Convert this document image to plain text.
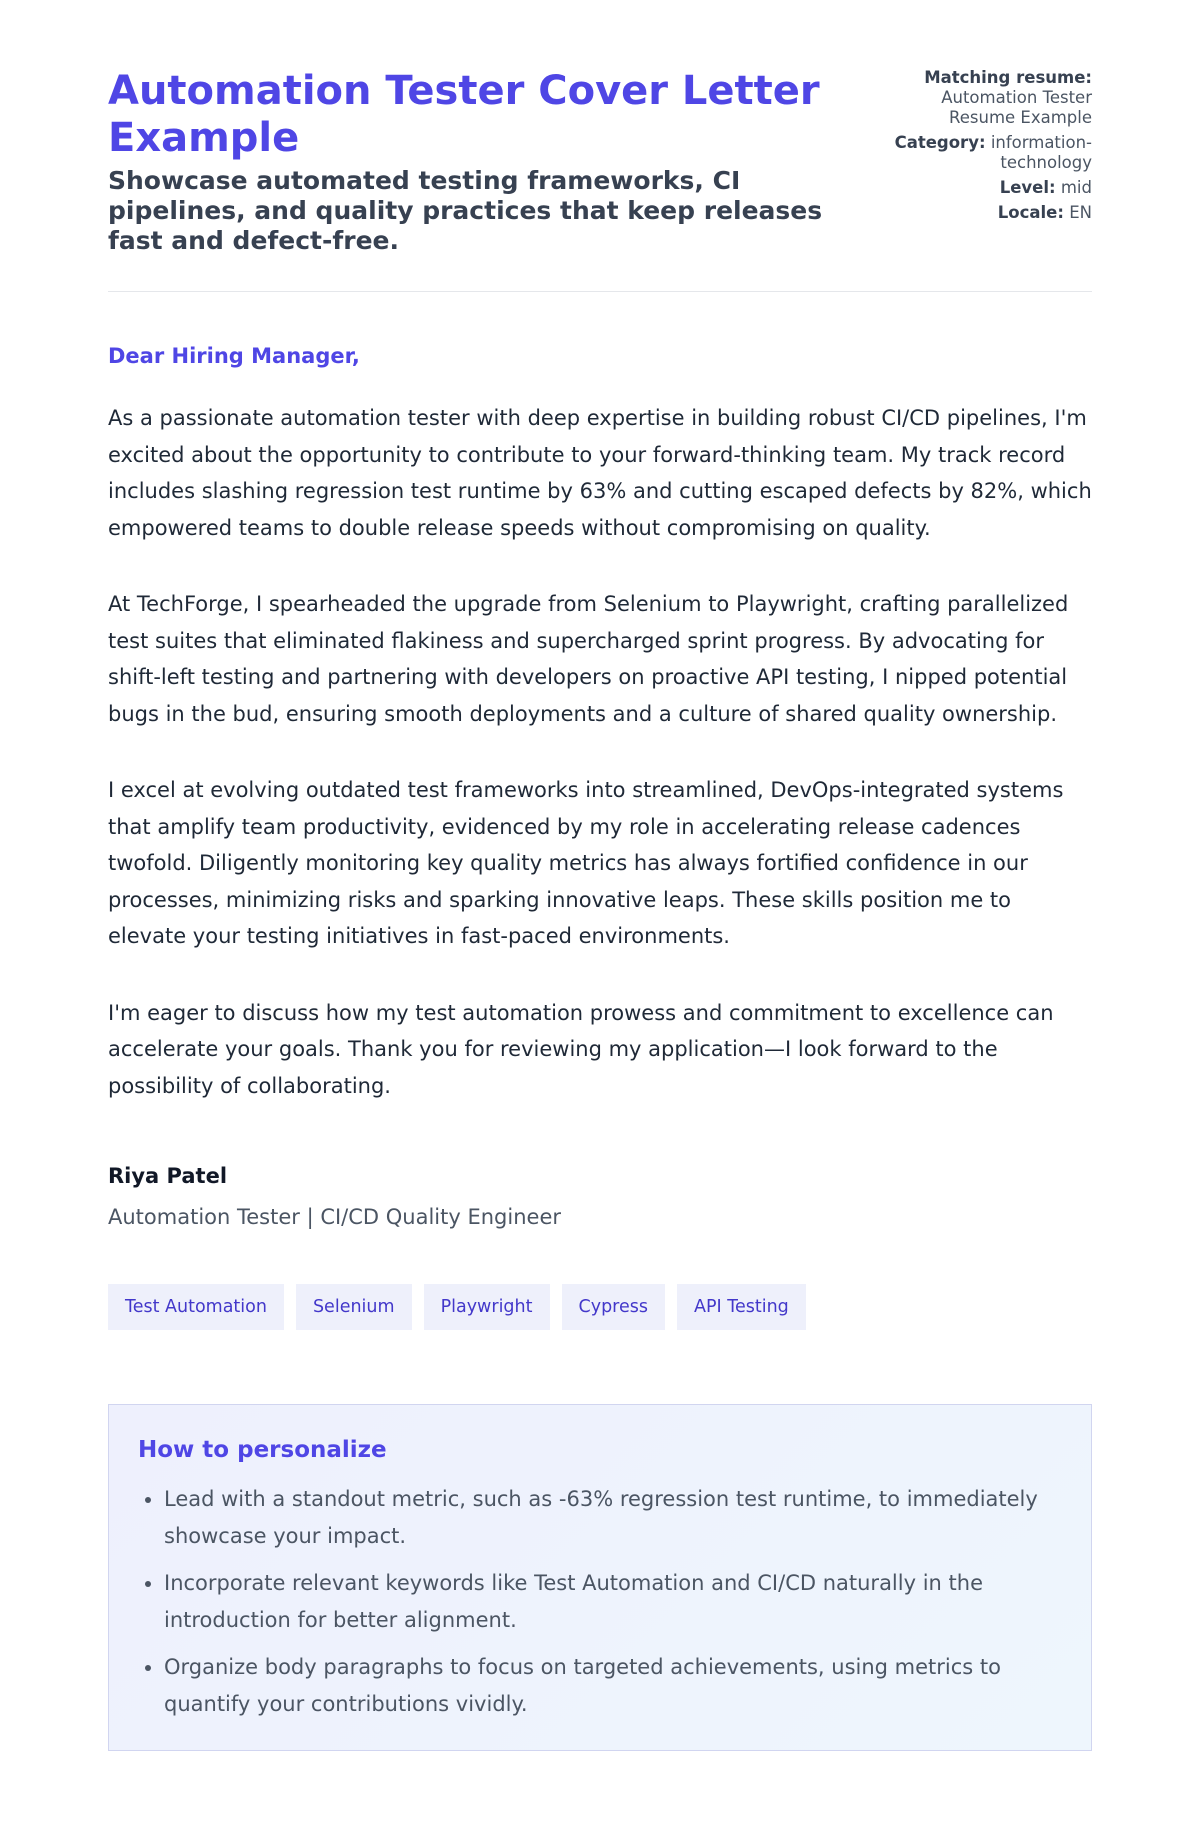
Automation Tester Cover Letter Example

Showcase automated testing frameworks, CI pipelines, and quality practices that keep releases fast and defect-free.

Matching resume: Automation Tester Resume Example
Category: information-technology
Level: mid
Locale: EN

Dear Hiring Manager,

As a passionate automation tester with deep expertise in building robust CI/CD pipelines, I'm excited about the opportunity to contribute to your forward-thinking team. My track record includes slashing regression test runtime by 63% and cutting escaped defects by 82%, which empowered teams to double release speeds without compromising on quality.

At TechForge, I spearheaded the upgrade from Selenium to Playwright, crafting parallelized test suites that eliminated flakiness and supercharged sprint progress. By advocating for shift-left testing and partnering with developers on proactive API testing, I nipped potential bugs in the bud, ensuring smooth deployments and a culture of shared quality ownership.

I excel at evolving outdated test frameworks into streamlined, DevOps-integrated systems that amplify team productivity, evidenced by my role in accelerating release cadences twofold. Diligently monitoring key quality metrics has always fortified confidence in our processes, minimizing risks and sparking innovative leaps. These skills position me to elevate your testing initiatives in fast-paced environments.

I'm eager to discuss how my test automation prowess and commitment to excellence can accelerate your goals. Thank you for reviewing my application—I look forward to the possibility of collaborating.

Riya Patel
Automation Tester | CI/CD Quality Engineer
Test Automation	Selenium	Playwright	Cypress	API Testing
How to personalize
• Lead with a standout metric, such as -63% regression test runtime, to immediately showcase your impact.
• Incorporate relevant keywords like Test Automation and CI/CD naturally in the introduction for better alignment.
• Organize body paragraphs to focus on targeted achievements, using metrics to quantify your contributions vividly.
